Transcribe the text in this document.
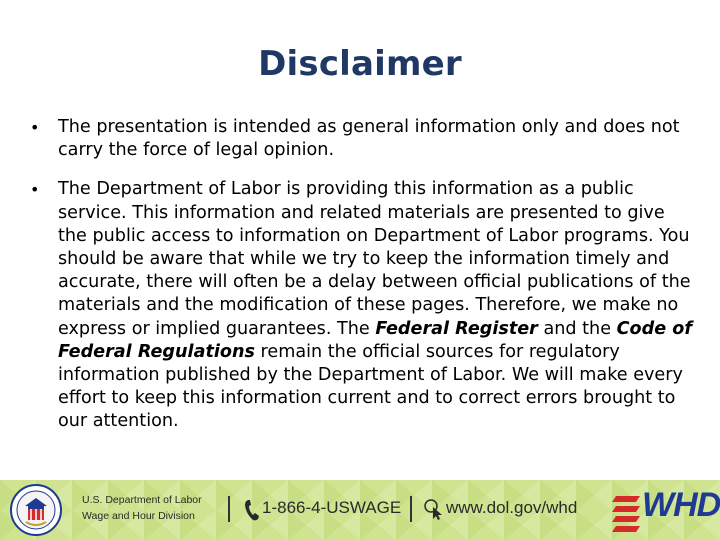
Disclaimer
• The presentation is intended as general information only and does not carry the force of legal opinion.
• The Department of Labor is providing this information as a public service. This information and related materials are presented to give the public access to information on Department of Labor programs. You should be aware that while we try to keep the information timely and accurate, there will often be a delay between official publications of the materials and the modification of these pages. Therefore, we make no express or implied guarantees. The Federal Register and the Code of Federal Regulations remain the official sources for regulatory information published by the Department of Labor. We will make every effort to keep this information current and to correct errors brought to our attention.
U.S. Department of Labor
Wage and Hour Division	1-866-4-USWAGE	www.dol.gov/whd WHD
